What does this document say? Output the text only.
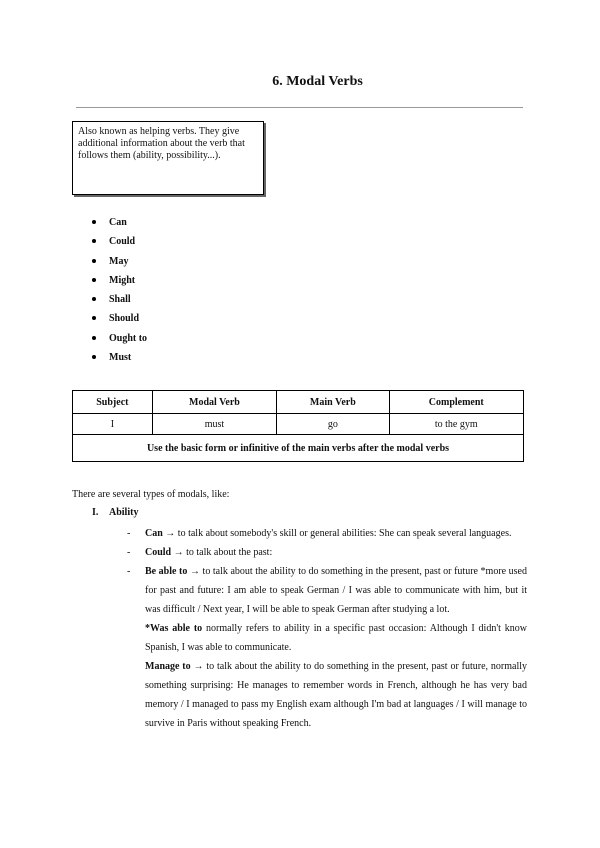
6. Modal Verbs
Also known as helping verbs. They give additional information about the verb that follows them (ability, possibility...).
Can
Could
May
Might
Shall
Should
Ought to
Must
Subject	Modal Verb	Main Verb	Complement
I	must	go	to the gym
Use the basic form or infinitive of the main verbs after the modal verbs			
There are several types of modals, like:
I. Ability
- Can → to talk about somebody's skill or general abilities: She can speak several languages.
- Could → to talk about the past:
- Be able to → to talk about the ability to do something in the present, past or future *more used for past and future: I am able to speak German / I was able to communicate with him, but it was difficult / Next year, I will be able to speak German after studying a lot.
*Was able to normally refers to ability in a specific past occasion: Although I didn't know Spanish, I was able to communicate.
Manage to → to talk about the ability to do something in the present, past or future, normally something surprising: He manages to remember words in French, although he has very bad memory / I managed to pass my English exam although I'm bad at languages / I will manage to survive in Paris without speaking French.
